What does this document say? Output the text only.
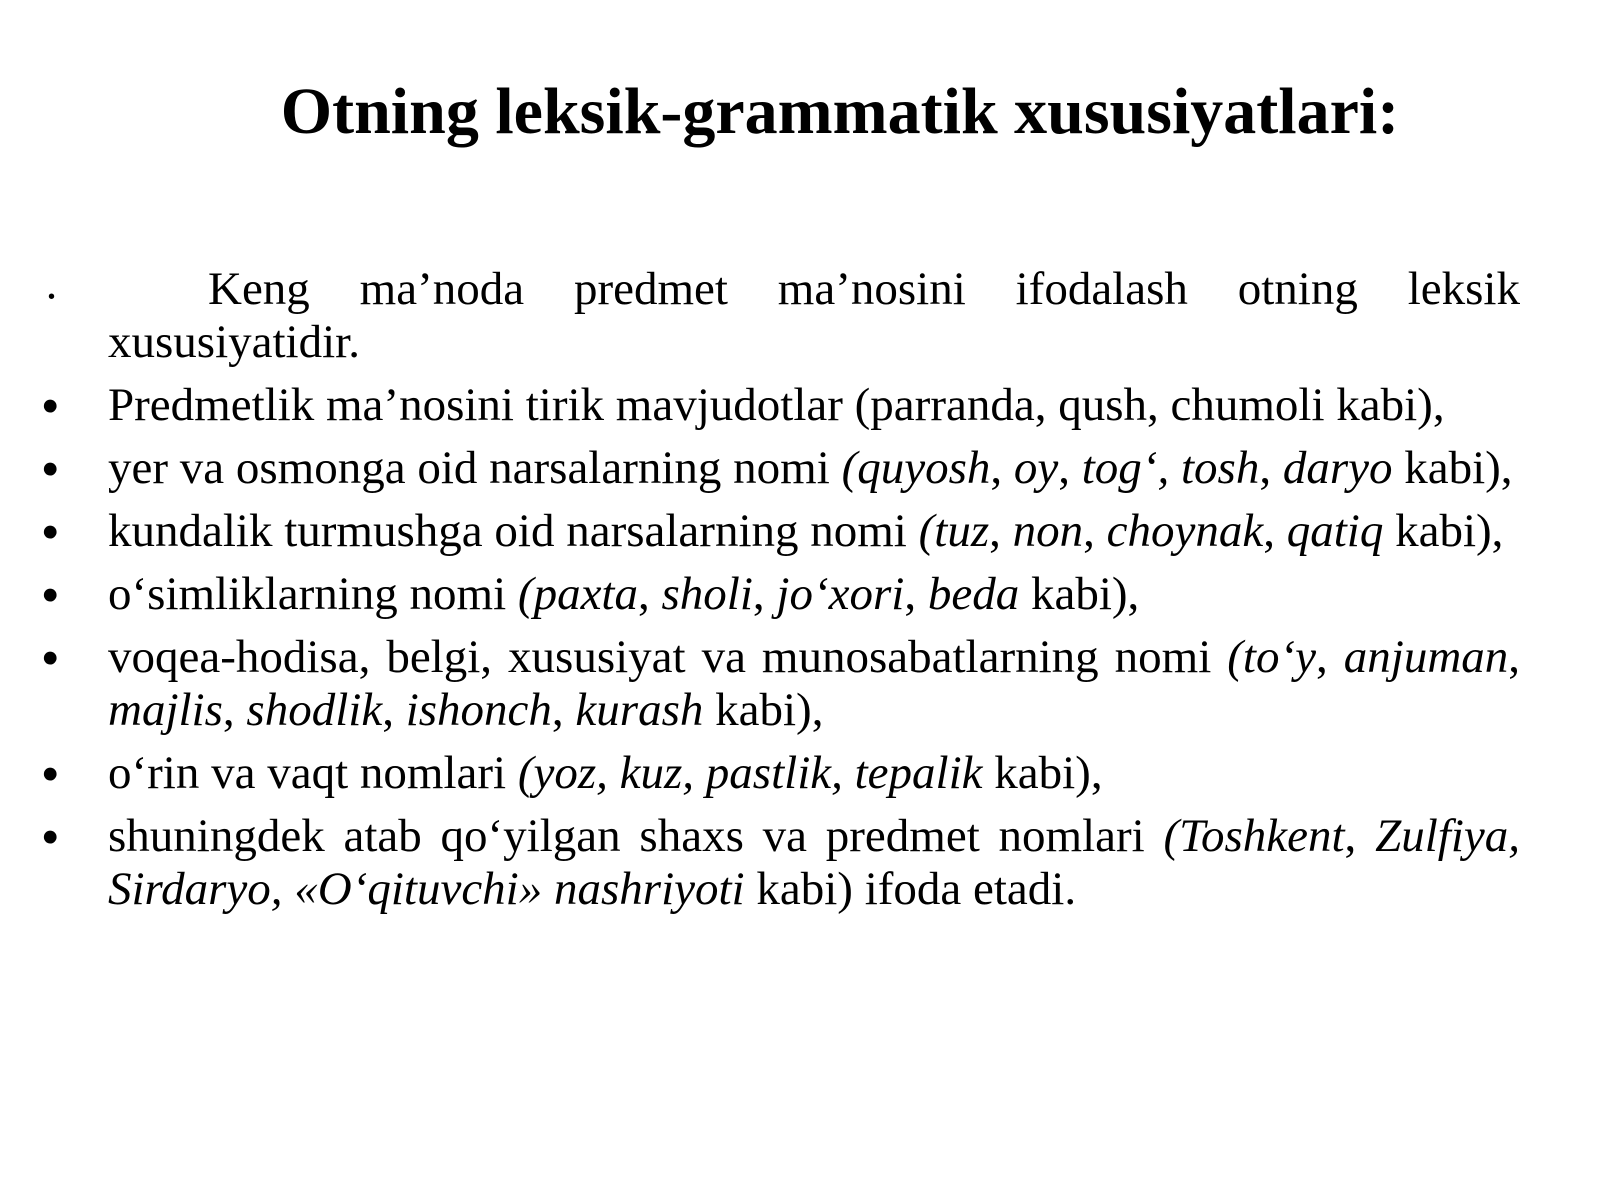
Otning leksik-grammatik xususiyatlari:
•	Keng ma’noda predmet ma’nosini ifodalash otning leksik xususiyatidir.
•	Predmetlik ma’nosini tirik mavjudotlar (parranda, qush, chumoli kabi),
•	yer va osmonga oid narsalarning nomi (quyosh, oy, tog‘, tosh, daryo kabi),
•	kundalik turmushga oid narsalarning nomi (tuz, non, choynak, qatiq kabi),
•	o‘simliklarning nomi (paxta, sholi, jo‘xori, beda kabi),
•	voqea-hodisa, belgi, xususiyat va munosabatlarning nomi (to‘y, anjuman, majlis, shodlik, ishonch, kurash kabi),
•	o‘rin va vaqt nomlari (yoz, kuz, pastlik, tepalik kabi),
•	shuningdek atab qo‘yilgan shaxs va predmet nomlari (Toshkent, Zulfiya, Sirdaryo, «O‘qituvchi» nashriyoti kabi) ifoda etadi.
